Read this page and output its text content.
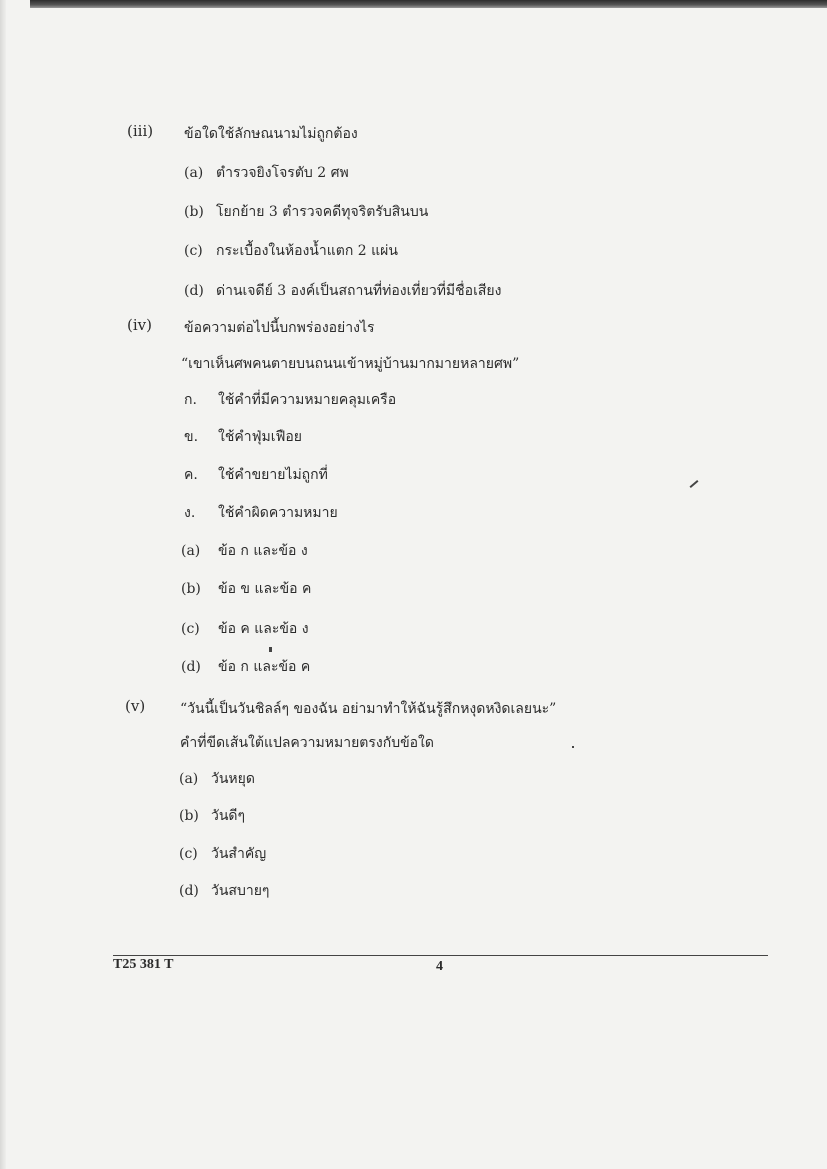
(iii) ข้อใดใช้ลักษณนามไม่ถูกต้อง
(a) ตำรวจยิงโจรตับ 2 ศพ
(b) โยกย้าย 3 ตำรวจคดีทุจริตรับสินบน
(c) กระเบื้องในห้องน้ำแตก 2 แผ่น
(d) ด่านเจดีย์ 3 องค์เป็นสถานที่ท่องเที่ยวที่มีชื่อเสียง
(iv) ข้อความต่อไปนี้บกพร่องอย่างไร
“เขาเห็นศพคนตายบนถนนเข้าหมู่บ้านมากมายหลายศพ”
ก. ใช้คำที่มีความหมายคลุมเครือ
ข. ใช้คำฟุ่มเฟือย
ค. ใช้คำขยายไม่ถูกที่
ง. ใช้คำผิดความหมาย
(a) ข้อ ก และข้อ ง
(b) ข้อ ข และข้อ ค
(c) ข้อ ค และข้อ ง
(d) ข้อ ก และข้อ ค
(v) “วันนี้เป็นวันชิลล์ๆ ของฉัน อย่ามาทำให้ฉันรู้สึกหงุดหงิดเลยนะ”
คำที่ขีดเส้นใต้แปลความหมายตรงกับข้อใด
(a) วันหยุด
(b) วันดีๆ
(c) วันสำคัญ
(d) วันสบายๆ
T25 381 T	4
